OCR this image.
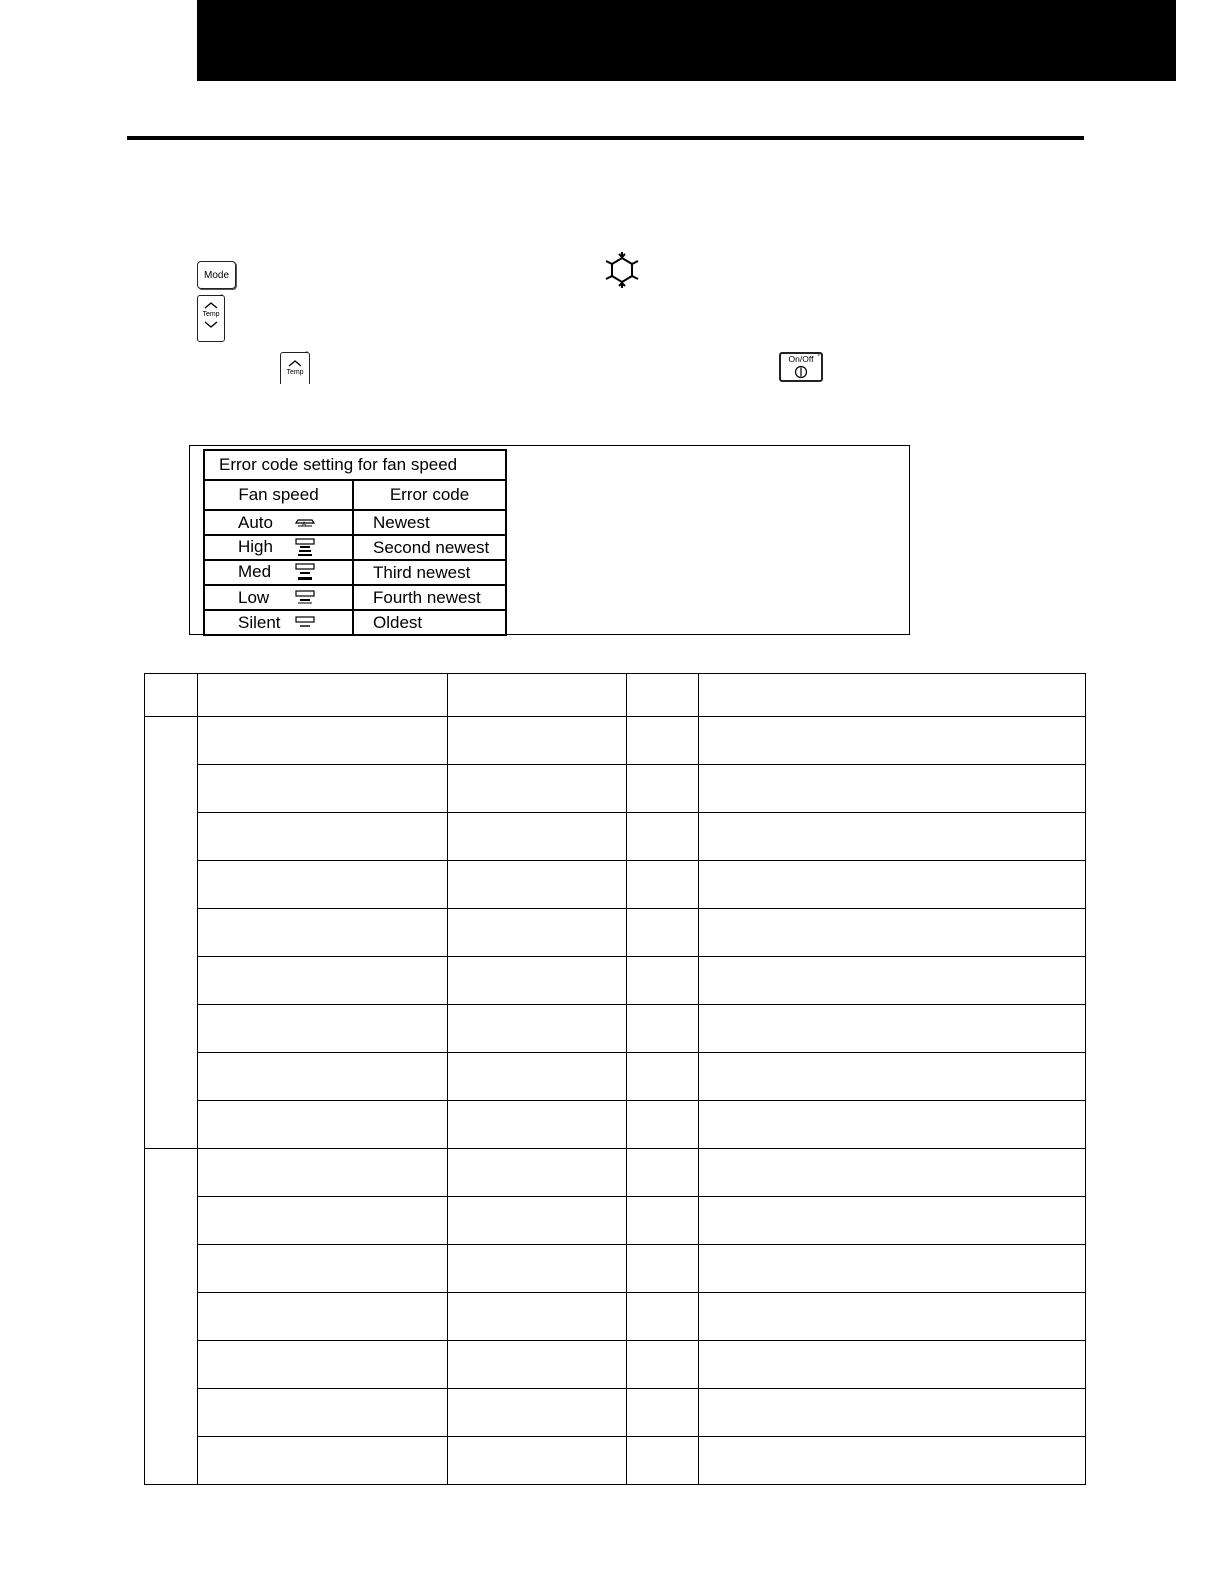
Mode
°
Temp
°
Temp
°
On/Off
Error code setting for fan speed	
Fan speed	Error code
Auto A	Newest
High	Second newest
Med	Third newest
Low	Fourth newest
Silent	Oldest
